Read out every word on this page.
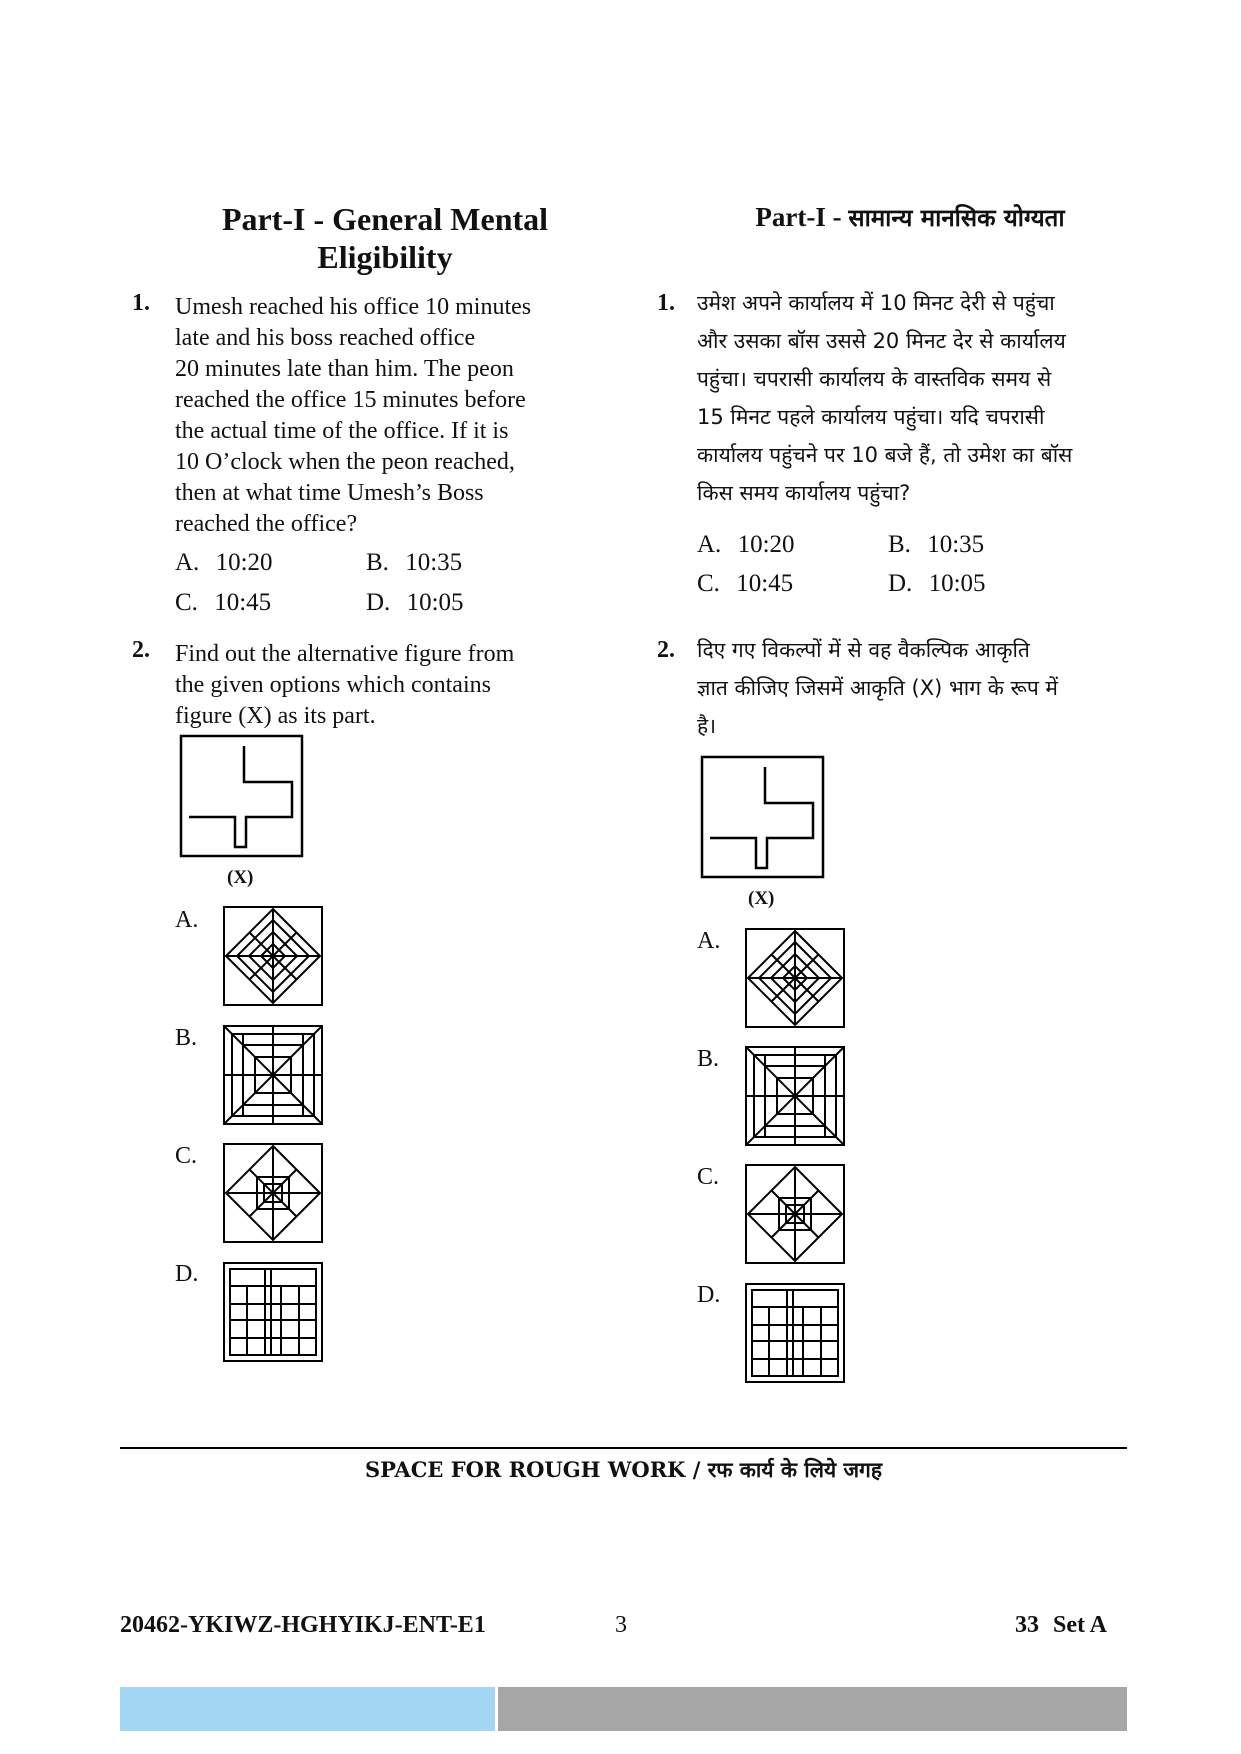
Part-I - General Mental
Eligibility
1. Umesh reached his office 10 minutes
late and his boss reached office
20 minutes late than him. The peon
reached the office 15 minutes before
the actual time of the office. If it is
10 O’clock when the peon reached,
then at what time Umesh’s Boss
reached the office?
A. 10:20	B. 10:35
C. 10:45	D. 10:05
2. Find out the alternative figure from
the given options which contains
figure (X) as its part.
(X)
A.
B.
C.
D.
Part-I - सामान्य मानसिक योग्यता
1. उमेश अपने कार्यालय में 10 मिनट देरी से पहुंचा
और उसका बॉस उससे 20 मिनट देर से कार्यालय
पहुंचा। चपरासी कार्यालय के वास्तविक समय से
15 मिनट पहले कार्यालय पहुंचा। यदि चपरासी
कार्यालय पहुंचने पर 10 बजे हैं, तो उमेश का बॉस
किस समय कार्यालय पहुंचा?
A. 10:20	B. 10:35
C. 10:45	D. 10:05
2. दिए गए विकल्पों में से वह वैकल्पिक आकृति
ज्ञात कीजिए जिसमें आकृति (X) भाग के रूप में
है।
(X)
A.
B.
C.
D.
SPACE FOR ROUGH WORK / रफ कार्य के लिये जगह
20462-YKIWZ-HGHYIKJ-ENT-E1	3	33 Set A
